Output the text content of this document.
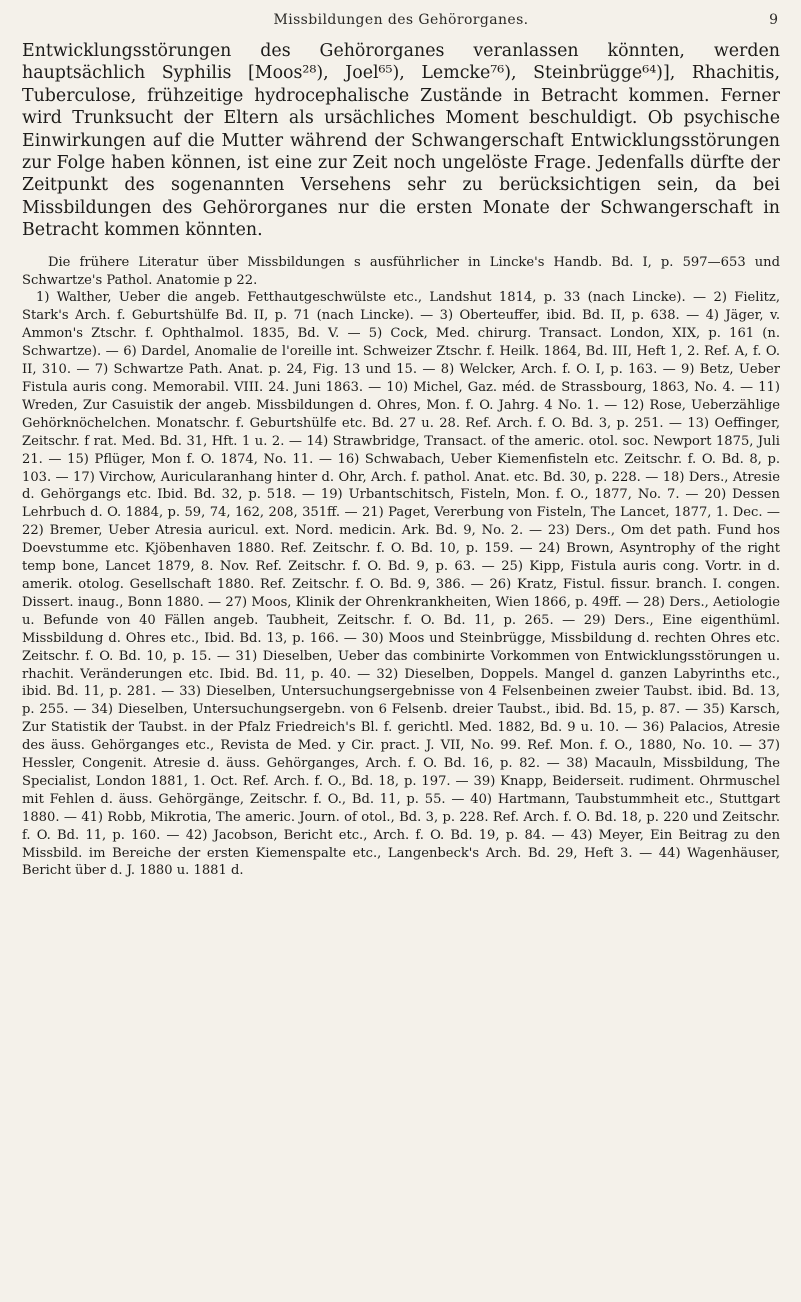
Missbildungen des Gehörorganes.	9

Entwicklungsstörungen des Gehörorganes veranlassen könnten, werden hauptsächlich Syphilis [Moos²⁸), Joel⁶⁵), Lemcke⁷⁶), Steinbrügge⁶⁴)], Rhachitis, Tuberculose, frühzeitige hydrocephalische Zustände in Betracht kommen. Ferner wird Trunksucht der Eltern als ursächliches Moment beschuldigt. Ob psychische Einwirkungen auf die Mutter während der Schwangerschaft Entwicklungsstörungen zur Folge haben können, ist eine zur Zeit noch ungelöste Frage. Jedenfalls dürfte der Zeitpunkt des sogenannten Versehens sehr zu berücksichtigen sein, da bei Missbildungen des Gehörorganes nur die ersten Monate der Schwangerschaft in Betracht kommen könnten.

Die frühere Literatur über Missbildungen s ausführlicher in Lincke's Handb. Bd. I, p. 597—653 und Schwartze's Pathol. Anatomie p 22.

1) Walther, Ueber die angeb. Fetthautgeschwülste etc., Landshut 1814, p. 33 (nach Lincke). — 2) Fielitz, Stark's Arch. f. Geburtshülfe Bd. II, p. 71 (nach Lincke). — 3) Oberteuffer, ibid. Bd. II, p. 638. — 4) Jäger, v. Ammon's Ztschr. f. Ophthalmol. 1835, Bd. V. — 5) Cock, Med. chirurg. Transact. London, XIX, p. 161 (n. Schwartze). — 6) Dardel, Anomalie de l'oreille int. Schweizer Ztschr. f. Heilk. 1864, Bd. III, Heft 1, 2. Ref. A, f. O. II, 310. — 7) Schwartze Path. Anat. p. 24, Fig. 13 und 15. — 8) Welcker, Arch. f. O. I, p. 163. — 9) Betz, Ueber Fistula auris cong. Memorabil. VIII. 24. Juni 1863. — 10) Michel, Gaz. méd. de Strassbourg, 1863, No. 4. — 11) Wreden, Zur Casuistik der angeb. Missbildungen d. Ohres, Mon. f. O. Jahrg. 4 No. 1. — 12) Rose, Ueberzählige Gehörknöchelchen. Monatschr. f. Geburtshülfe etc. Bd. 27 u. 28. Ref. Arch. f. O. Bd. 3, p. 251. — 13) Oeffinger, Zeitschr. f rat. Med. Bd. 31, Hft. 1 u. 2. — 14) Strawbridge, Transact. of the americ. otol. soc. Newport 1875, Juli 21. — 15) Pflüger, Mon f. O. 1874, No. 11. — 16) Schwabach, Ueber Kiemenfisteln etc. Zeitschr. f. O. Bd. 8, p. 103. — 17) Virchow, Auricularanhang hinter d. Ohr, Arch. f. pathol. Anat. etc. Bd. 30, p. 228. — 18) Ders., Atresie d. Gehörgangs etc. Ibid. Bd. 32, p. 518. — 19) Urbantschitsch, Fisteln, Mon. f. O., 1877, No. 7. — 20) Dessen Lehrbuch d. O. 1884, p. 59, 74, 162, 208, 351ff. — 21) Paget, Vererbung von Fisteln, The Lancet, 1877, 1. Dec. — 22) Bremer, Ueber Atresia auricul. ext. Nord. medicin. Ark. Bd. 9, No. 2. — 23) Ders., Om det path. Fund hos Doevstumme etc. Kjöbenhaven 1880. Ref. Zeitschr. f. O. Bd. 10, p. 159. — 24) Brown, Asyntrophy of the right temp bone, Lancet 1879, 8. Nov. Ref. Zeitschr. f. O. Bd. 9, p. 63. — 25) Kipp, Fistula auris cong. Vortr. in d. amerik. otolog. Gesellschaft 1880. Ref. Zeitschr. f. O. Bd. 9, 386. — 26) Kratz, Fistul. fissur. branch. I. congen. Dissert. inaug., Bonn 1880. — 27) Moos, Klinik der Ohrenkrankheiten, Wien 1866, p. 49ff. — 28) Ders., Aetiologie u. Befunde von 40 Fällen angeb. Taubheit, Zeitschr. f. O. Bd. 11, p. 265. — 29) Ders., Eine eigenthüml. Missbildung d. Ohres etc., Ibid. Bd. 13, p. 166. — 30) Moos und Steinbrügge, Missbildung d. rechten Ohres etc. Zeitschr. f. O. Bd. 10, p. 15. — 31) Dieselben, Ueber das combinirte Vorkommen von Entwicklungsstörungen u. rhachit. Veränderungen etc. Ibid. Bd. 11, p. 40. — 32) Dieselben, Doppels. Mangel d. ganzen Labyrinths etc., ibid. Bd. 11, p. 281. — 33) Dieselben, Untersuchungsergebnisse von 4 Felsenbeinen zweier Taubst. ibid. Bd. 13, p. 255. — 34) Dieselben, Untersuchungsergebn. von 6 Felsenb. dreier Taubst., ibid. Bd. 15, p. 87. — 35) Karsch, Zur Statistik der Taubst. in der Pfalz Friedreich's Bl. f. gerichtl. Med. 1882, Bd. 9 u. 10. — 36) Palacios, Atresie des äuss. Gehörganges etc., Revista de Med. y Cir. pract. J. VII, No. 99. Ref. Mon. f. O., 1880, No. 10. — 37) Hessler, Congenit. Atresie d. äuss. Gehörganges, Arch. f. O. Bd. 16, p. 82. — 38) Macauln, Missbildung, The Specialist, London 1881, 1. Oct. Ref. Arch. f. O., Bd. 18, p. 197. — 39) Knapp, Beiderseit. rudiment. Ohrmuschel mit Fehlen d. äuss. Gehörgänge, Zeitschr. f. O., Bd. 11, p. 55. — 40) Hartmann, Taubstummheit etc., Stuttgart 1880. — 41) Robb, Mikrotia, The americ. Journ. of otol., Bd. 3, p. 228. Ref. Arch. f. O. Bd. 18, p. 220 und Zeitschr. f. O. Bd. 11, p. 160. — 42) Jacobson, Bericht etc., Arch. f. O. Bd. 19, p. 84. — 43) Meyer, Ein Beitrag zu den Missbild. im Bereiche der ersten Kiemenspalte etc., Langenbeck's Arch. Bd. 29, Heft 3. — 44) Wagenhäuser, Bericht über d. J. 1880 u. 1881 d.
